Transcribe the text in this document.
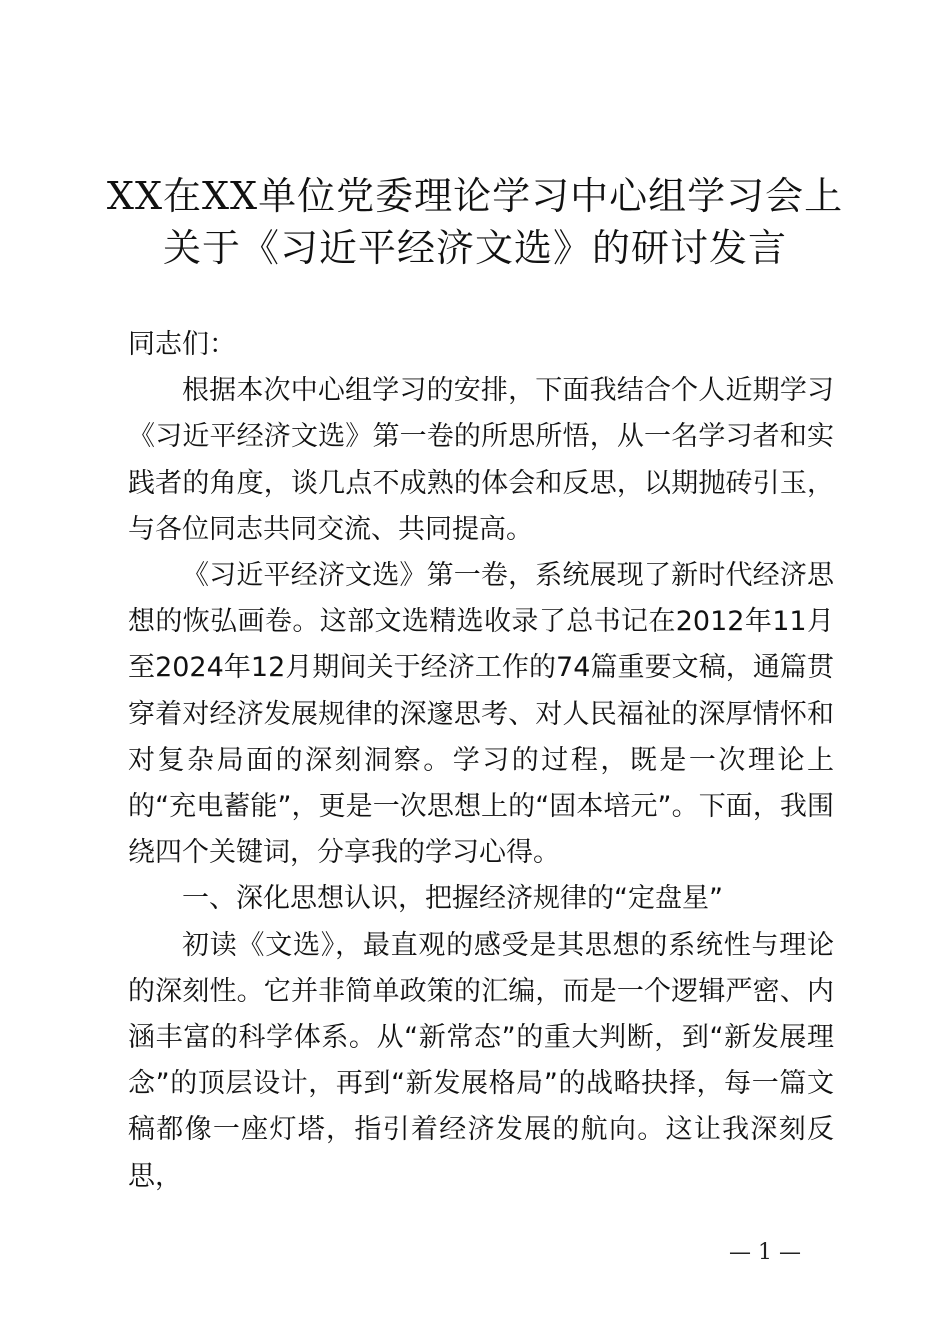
XX在XX单位党委理论学习中心组学习会上
关于《习近平经济文选》的研讨发言

同志们：

根据本次中心组学习的安排，下面我结合个人近期学习《习近平经济文选》第一卷的所思所悟，从一名学习者和实践者的角度，谈几点不成熟的体会和反思，以期抛砖引玉，与各位同志共同交流、共同提高。

《习近平经济文选》第一卷，系统展现了新时代经济思想的恢弘画卷。这部文选精选收录了总书记在2012年11月至2024年12月期间关于经济工作的74篇重要文稿，通篇贯穿着对经济发展规律的深邃思考、对人民福祉的深厚情怀和对复杂局面的深刻洞察。学习的过程，既是一次理论上的“充电蓄能”，更是一次思想上的“固本培元”。下面，我围绕四个关键词，分享我的学习心得。

一、深化思想认识，把握经济规律的“定盘星”

初读《文选》，最直观的感受是其思想的系统性与理论的深刻性。它并非简单政策的汇编，而是一个逻辑严密、内涵丰富的科学体系。从“新常态”的重大判断，到“新发展理念”的顶层设计，再到“新发展格局”的战略抉择，每一篇文稿都像一座灯塔，指引着经济发展的航向。这让我深刻反思，

— 1 —
